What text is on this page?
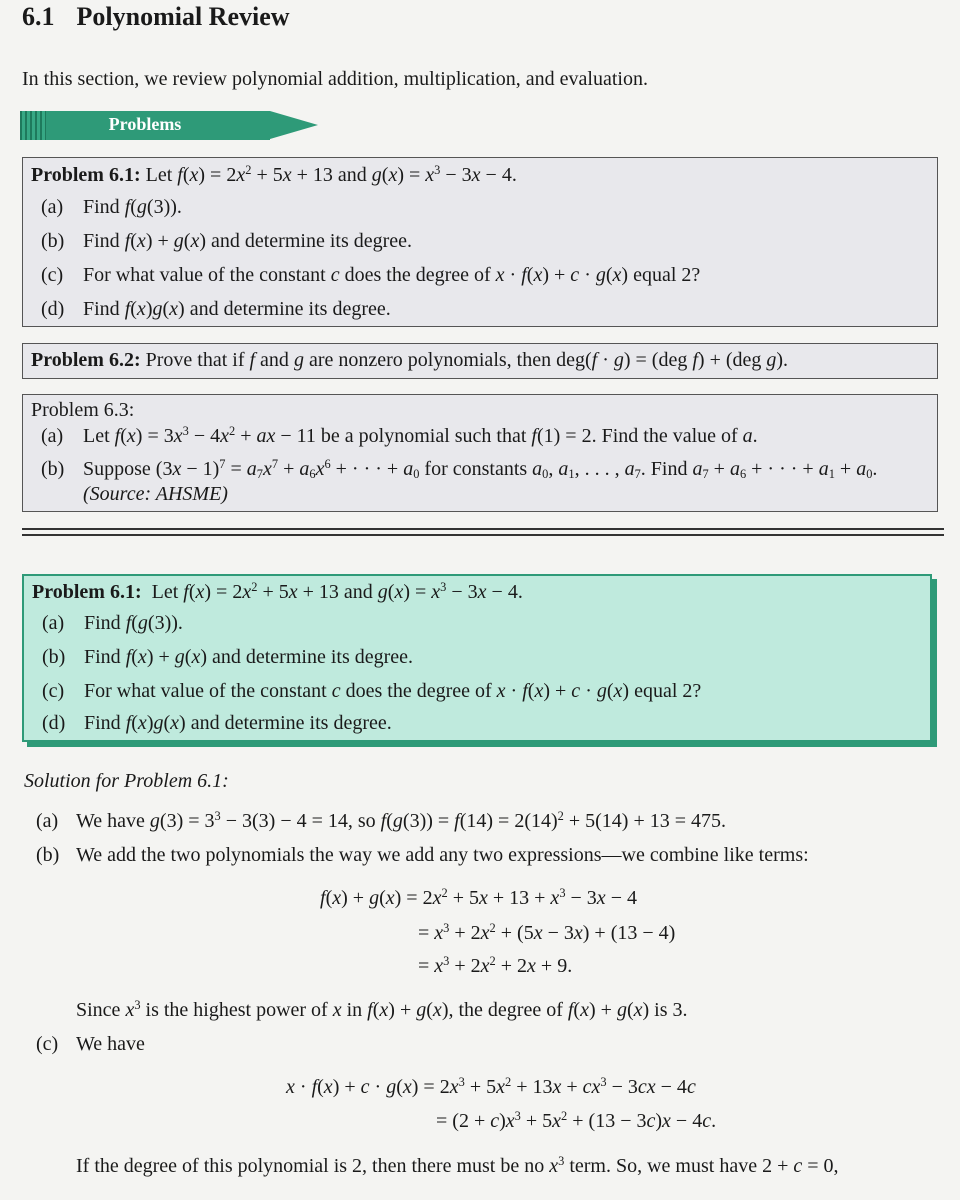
6.1 Polynomial Review
In this section, we review polynomial addition, multiplication, and evaluation.
Problems
Problem 6.1: Let $f(x) = 2x^2 + 5x + 13$ and $g(x) = x^3 - 3x - 4$.
(a) Find f(g(3)).
(b) Find f(x) + g(x) and determine its degree.
(c) For what value of the constant c does the degree of x · f(x) + c · g(x) equal 2?
(d) Find f(x)g(x) and determine its degree.
Problem 6.2: Prove that if f and g are nonzero polynomials, then deg(f · g) = (deg f) + (deg g).
Problem 6.3:
(a) Let $f(x) = 3x^3 - 4x^2$ + ax − 11 be a polynomial such that f(1) = 2. Find the value of a.
(b) Suppose $(3x - 1)^7 = a_7x^7 + a_6x^6$ + · · · + $a_0$ for constants $a_0$, $a_1$, . . . , $a_7$. Find $a_7 + a_6$ + · · · + $a_1 + a_0$.
(Source: AHSME)
Problem 6.1:  Let $f(x) = 2x^2 + 5x + 13$ and $g(x) = x^3 - 3x - 4$.
(a) Find f(g(3)).
(b) Find f(x) + g(x) and determine its degree.
(c) For what value of the constant c does the degree of x · f(x) + c · g(x) equal 2?
(d) Find f(x)g(x) and determine its degree.
Solution for Problem 6.1:
(a) We have $g(3) = 3^3 - 3(3) - 4 = 14$, so $f(g(3)) = f(14) = 2(14)^2 + 5(14) + 13 = 475$.
(b) We add the two polynomials the way we add any two expressions—we combine like terms:
$f(x) + g(x) = 2x^2 + 5x + 13 + x^3 - 3x - 4$
= $x^3 + 2x^2 + (5x - 3x) + (13 - 4)$
= $x^3 + 2x^2 + 2x + 9$.
Since $x^3$ is the highest power of x in f(x) + g(x), the degree of f(x) + g(x) is 3.
(c) We have
$x \cdot f(x) + c \cdot g(x) = 2x^3 + 5x^2 + 13x + cx^3 - 3cx - 4c$
= $(2 + c)x^3 + 5x^2 + (13 - 3c)x - 4c$.
If the degree of this polynomial is 2, then there must be no $x^3$ term. So, we must have 2 + c = 0,
